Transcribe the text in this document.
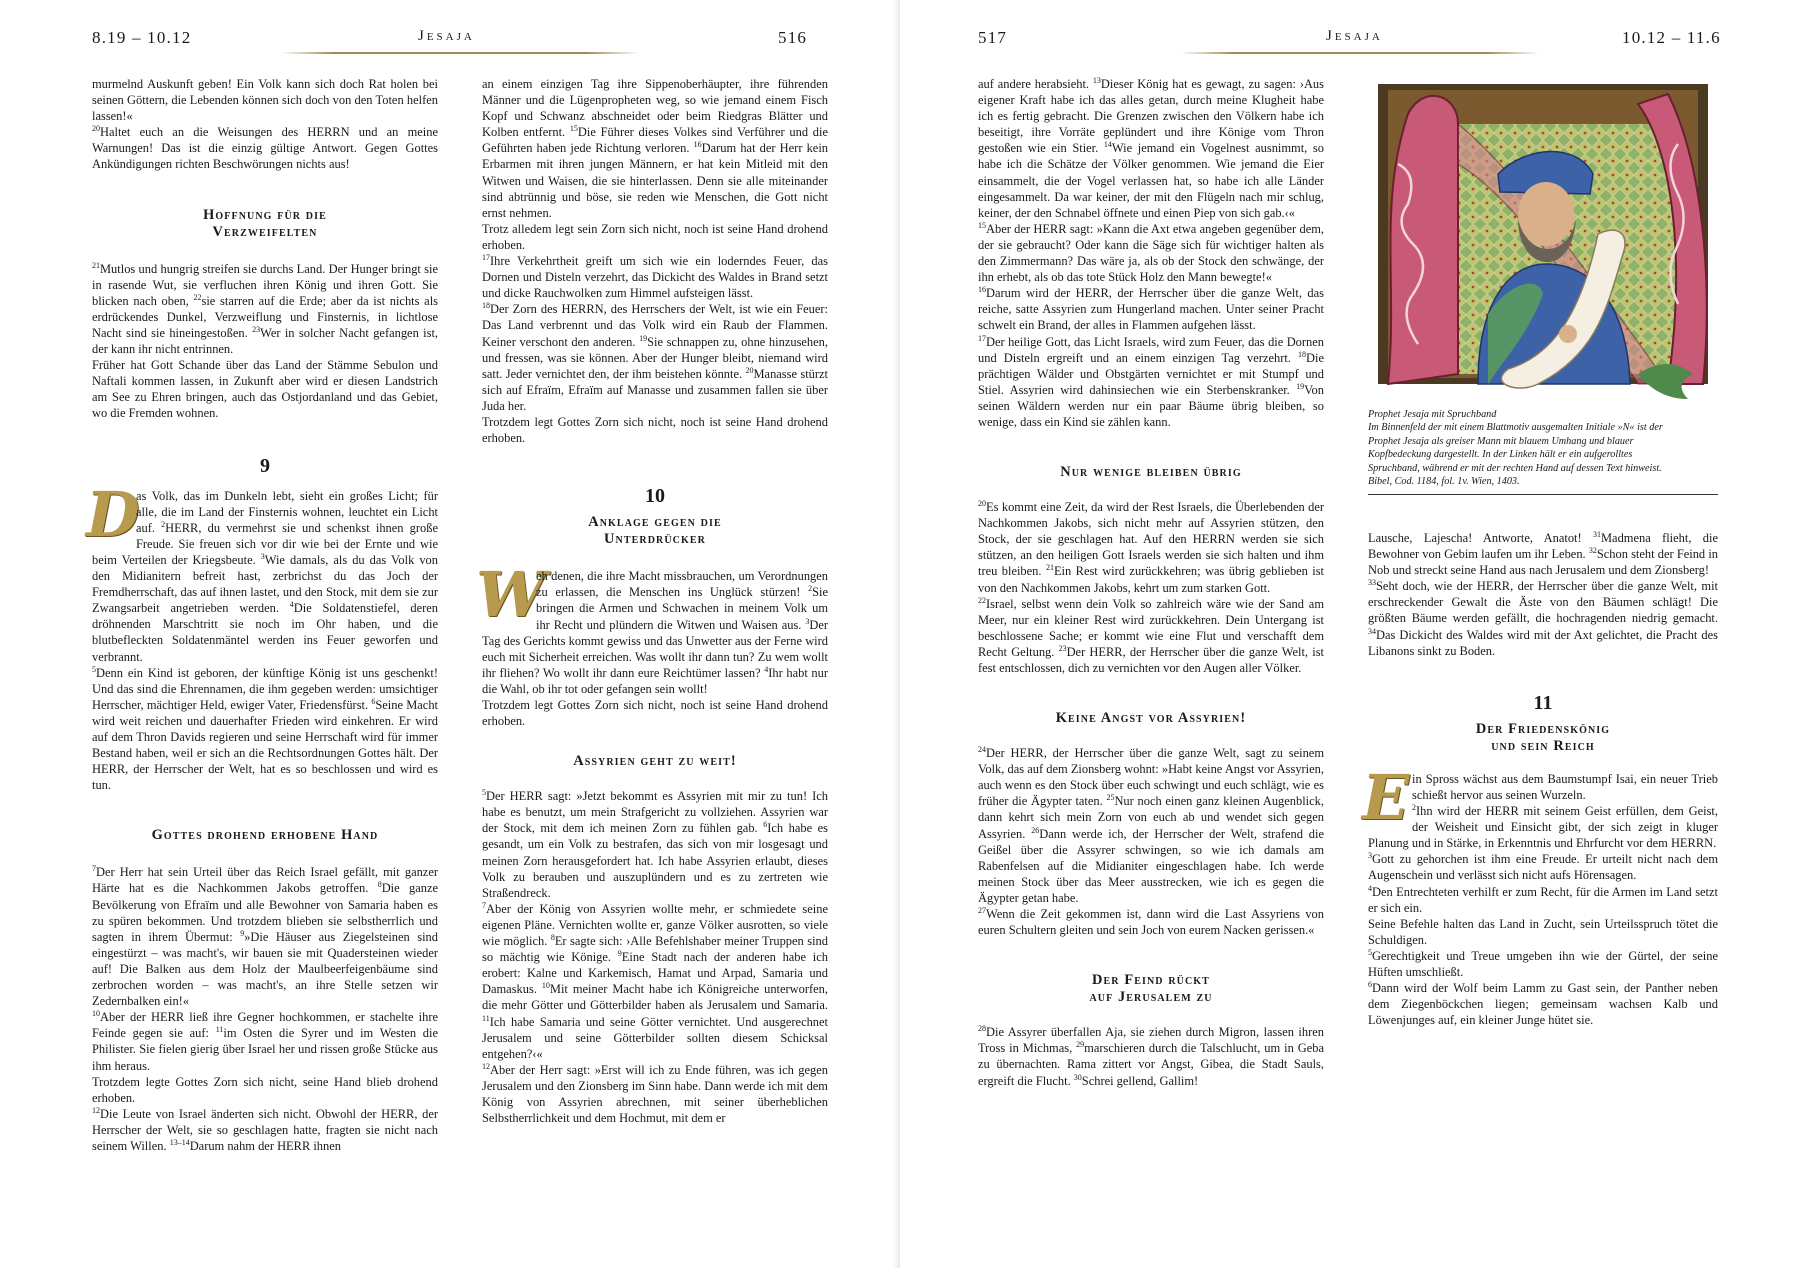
8.19 – 10.12	Jesaja	516

murmelnd Auskunft geben! Ein Volk kann sich doch Rat holen bei seinen Göttern, die Lebenden können sich doch von den Toten helfen lassen!«

$^{20}$Haltet euch an die Weisungen des HERRN und an meine Warnungen! Das ist die einzig gültige Antwort. Gegen Gottes Ankündigungen richten Beschwörungen nichts aus!

Hoffnung für die
Verzweifelten

$^{21}$Mutlos und hungrig streifen sie durchs Land. Der Hunger bringt sie in rasende Wut, sie verfluchen ihren König und ihren Gott. Sie blicken nach oben, $^{22}$sie starren auf die Erde; aber da ist nichts als erdrückendes Dunkel, Verzweiflung und Finsternis, in lichtlose Nacht sind sie hineingestoßen. $^{23}$Wer in solcher Nacht gefangen ist, der kann ihr nicht entrinnen.

Früher hat Gott Schande über das Land der Stämme Sebulon und Naftali kommen lassen, in Zukunft aber wird er diesen Landstrich am See zu Ehren bringen, auch das Ostjordanland und das Gebiet, wo die Fremden wohnen.

9

D
as Volk, das im Dunkeln lebt, sieht ein großes Licht; für alle, die im Land der Finsternis wohnen, leuchtet ein Licht auf. $^2$HERR, du vermehrst sie und schenkst ihnen große Freude. Sie freuen sich vor dir wie bei der Ernte und wie beim Verteilen der Kriegsbeute. $^3$Wie damals, als du das Volk von den Midianitern befreit hast, zerbrichst du das Joch der Fremdherrschaft, das auf ihnen lastet, und den Stock, mit dem sie zur Zwangsarbeit angetrieben werden. $^4$Die Soldatenstiefel, deren dröhnenden Marschtritt sie noch im Ohr haben, und die blutbefleckten Soldatenmäntel werden ins Feuer geworfen und verbrannt.

$^5$Denn ein Kind ist geboren, der künftige König ist uns geschenkt! Und das sind die Ehrennamen, die ihm gegeben werden: umsichtiger Herrscher, mächtiger Held, ewiger Vater, Friedensfürst. $^6$Seine Macht wird weit reichen und dauerhafter Frieden wird einkehren. Er wird auf dem Thron Davids regieren und seine Herrschaft wird für immer Bestand haben, weil er sich an die Rechtsordnungen Gottes hält. Der HERR, der Herrscher der Welt, hat es so beschlossen und wird es tun.

Gottes drohend erhobene Hand

$^7$Der Herr hat sein Urteil über das Reich Israel gefällt, mit ganzer Härte hat es die Nachkommen Jakobs getroffen. $^8$Die ganze Bevölkerung von Efraïm und alle Bewohner von Samaria haben es zu spüren bekommen. Und trotzdem blieben sie selbstherrlich und sagten in ihrem Übermut: $^9$»Die Häuser aus Ziegelsteinen sind eingestürzt – was macht's, wir bauen sie mit Quadersteinen wieder auf! Die Balken aus dem Holz der Maulbeerfeigenbäume sind zerbrochen worden – was macht's, an ihre Stelle setzen wir Zedernbalken ein!«

$^{10}$Aber der HERR ließ ihre Gegner hochkommen, er stachelte ihre Feinde gegen sie auf: $^{11}$im Osten die Syrer und im Westen die Philister. Sie fielen gierig über Israel her und rissen große Stücke aus ihm heraus.

Trotzdem legte Gottes Zorn sich nicht, seine Hand blieb drohend erhoben.

$^{12}$Die Leute von Israel änderten sich nicht. Obwohl der HERR, der Herrscher der Welt, sie so geschlagen hatte, fragten sie nicht nach seinem Willen. $^{13-14}$Darum nahm der HERR ihnen

an einem einzigen Tag ihre Sippenoberhäupter, ihre führenden Männer und die Lügenpropheten weg, so wie jemand einem Fisch Kopf und Schwanz abschneidet oder beim Riedgras Blätter und Kolben entfernt. $^{15}$Die Führer dieses Volkes sind Verführer und die Geführten haben jede Richtung verloren. $^{16}$Darum hat der Herr kein Erbarmen mit ihren jungen Männern, er hat kein Mitleid mit den Witwen und Waisen, die sie hinterlassen. Denn sie alle miteinander sind abtrünnig und böse, sie reden wie Menschen, die Gott nicht ernst nehmen.

Trotz alledem legt sein Zorn sich nicht, noch ist seine Hand drohend erhoben.

$^{17}$Ihre Verkehrtheit greift um sich wie ein loderndes Feuer, das Dornen und Disteln verzehrt, das Dickicht des Waldes in Brand setzt und dicke Rauchwolken zum Himmel aufsteigen lässt.

$^{18}$Der Zorn des HERRN, des Herrschers der Welt, ist wie ein Feuer: Das Land verbrennt und das Volk wird ein Raub der Flammen. Keiner verschont den anderen. $^{19}$Sie schnappen zu, ohne hinzusehen, und fressen, was sie können. Aber der Hunger bleibt, niemand wird satt. Jeder vernichtet den, der ihm beistehen könnte. $^{20}$Manasse stürzt sich auf Efraïm, Efraïm auf Manasse und zusammen fallen sie über Juda her.

Trotzdem legt Gottes Zorn sich nicht, noch ist seine Hand drohend erhoben.

10

Anklage gegen die
Unterdrücker

W
eh denen, die ihre Macht missbrauchen, um Verordnungen zu erlassen, die Menschen ins Unglück stürzen! $^2$Sie bringen die Armen und Schwachen in meinem Volk um ihr Recht und plündern die Witwen und Waisen aus. $^3$Der Tag des Gerichts kommt gewiss und das Unwetter aus der Ferne wird euch mit Sicherheit erreichen. Was wollt ihr dann tun? Zu wem wollt ihr fliehen? Wo wollt ihr dann eure Reichtümer lassen? $^4$Ihr habt nur die Wahl, ob ihr tot oder gefangen sein wollt!

Trotzdem legt Gottes Zorn sich nicht, noch ist seine Hand drohend erhoben.

Assyrien geht zu weit!

$^5$Der HERR sagt: »Jetzt bekommt es Assyrien mit mir zu tun! Ich habe es benutzt, um mein Strafgericht zu vollziehen. Assyrien war der Stock, mit dem ich meinen Zorn zu fühlen gab. $^6$Ich habe es gesandt, um ein Volk zu bestrafen, das sich von mir losgesagt und meinen Zorn herausgefordert hat. Ich habe Assyrien erlaubt, dieses Volk zu berauben und auszuplündern und es zu zertreten wie Straßendreck.

$^7$Aber der König von Assyrien wollte mehr, er schmiedete seine eigenen Pläne. Vernichten wollte er, ganze Völker ausrotten, so viele wie möglich. $^8$Er sagte sich: ›Alle Befehlshaber meiner Truppen sind so mächtig wie Könige. $^9$Eine Stadt nach der anderen habe ich erobert: Kalne und Karkemisch, Hamat und Arpad, Samaria und Damaskus. $^{10}$Mit meiner Macht habe ich Königreiche unterworfen, die mehr Götter und Götterbilder haben als Jerusalem und Samaria. $^{11}$Ich habe Samaria und seine Götter vernichtet. Und ausgerechnet Jerusalem und seine Götterbilder sollten diesem Schicksal entgehen?‹«

$^{12}$Aber der Herr sagt: »Erst will ich zu Ende führen, was ich gegen Jerusalem und den Zionsberg im Sinn habe. Dann werde ich mit dem König von Assyrien abrechnen, mit seiner überheblichen Selbstherrlichkeit und dem Hochmut, mit dem er

517	Jesaja	10.12 – 11.6

auf andere herabsieht. $^{13}$Dieser König hat es gewagt, zu sagen: ›Aus eigener Kraft habe ich das alles getan, durch meine Klugheit habe ich es fertig gebracht. Die Grenzen zwischen den Völkern habe ich beseitigt, ihre Vorräte geplündert und ihre Könige vom Thron gestoßen wie ein Stier. $^{14}$Wie jemand ein Vogelnest ausnimmt, so habe ich die Schätze der Völker genommen. Wie jemand die Eier einsammelt, die der Vogel verlassen hat, so habe ich alle Länder eingesammelt. Da war keiner, der mit den Flügeln nach mir schlug, keiner, der den Schnabel öffnete und einen Piep von sich gab.‹«

$^{15}$Aber der HERR sagt: »Kann die Axt etwa angeben gegenüber dem, der sie gebraucht? Oder kann die Säge sich für wichtiger halten als den Zimmermann? Das wäre ja, als ob der Stock den schwänge, der ihn erhebt, als ob das tote Stück Holz den Mann bewegte!«

$^{16}$Darum wird der HERR, der Herrscher über die ganze Welt, das reiche, satte Assyrien zum Hungerland machen. Unter seiner Pracht schwelt ein Brand, der alles in Flammen aufgehen lässt.

$^{17}$Der heilige Gott, das Licht Israels, wird zum Feuer, das die Dornen und Disteln ergreift und an einem einzigen Tag verzehrt. $^{18}$Die prächtigen Wälder und Obstgärten vernichtet er mit Stumpf und Stiel. Assyrien wird dahinsiechen wie ein Sterbenskranker. $^{19}$Von seinen Wäldern werden nur ein paar Bäume übrig bleiben, so wenige, dass ein Kind sie zählen kann.

Nur wenige bleiben übrig

$^{20}$Es kommt eine Zeit, da wird der Rest Israels, die Überlebenden der Nachkommen Jakobs, sich nicht mehr auf Assyrien stützen, den Stock, der sie geschlagen hat. Auf den HERRN werden sie sich stützen, an den heiligen Gott Israels werden sie sich halten und ihm treu bleiben. $^{21}$Ein Rest wird zurückkehren; was übrig geblieben ist von den Nachkommen Jakobs, kehrt um zum starken Gott.

$^{22}$Israel, selbst wenn dein Volk so zahlreich wäre wie der Sand am Meer, nur ein kleiner Rest wird zurückkehren. Dein Untergang ist beschlossene Sache; er kommt wie eine Flut und verschafft dem Recht Geltung. $^{23}$Der HERR, der Herrscher über die ganze Welt, ist fest entschlossen, dich zu vernichten vor den Augen aller Völker.

Keine Angst vor Assyrien!

$^{24}$Der HERR, der Herrscher über die ganze Welt, sagt zu seinem Volk, das auf dem Zionsberg wohnt: »Habt keine Angst vor Assyrien, auch wenn es den Stock über euch schwingt und euch schlägt, wie es früher die Ägypter taten. $^{25}$Nur noch einen ganz kleinen Augenblick, dann kehrt sich mein Zorn von euch ab und wendet sich gegen Assyrien. $^{26}$Dann werde ich, der Herrscher der Welt, strafend die Geißel über die Assyrer schwingen, so wie ich damals am Rabenfelsen auf die Midianiter eingeschlagen habe. Ich werde meinen Stock über das Meer ausstrecken, wie ich es gegen die Ägypter getan habe.

$^{27}$Wenn die Zeit gekommen ist, dann wird die Last Assyriens von euren Schultern gleiten und sein Joch von eurem Nacken gerissen.«

Der Feind rückt
auf Jerusalem zu

$^{28}$Die Assyrer überfallen Aja, sie ziehen durch Migron, lassen ihren Tross in Michmas, $^{29}$marschieren durch die Talschlucht, um in Geba zu übernachten. Rama zittert vor Angst, Gibea, die Stadt Sauls, ergreift die Flucht. $^{30}$Schrei gellend, Gallim!

Prophet Jesaja mit Spruchband
Im Binnenfeld der mit einem Blattmotiv ausgemalten Initiale »N« ist der
Prophet Jesaja als greiser Mann mit blauem Umhang und blauer
Kopfbedeckung dargestellt. In der Linken hält er ein aufgerolltes
Spruchband, während er mit der rechten Hand auf dessen Text hinweist.
Bibel, Cod. 1184, fol. 1v. Wien, 1403.

Lausche, Lajescha! Antworte, Anatot! $^{31}$Madmena flieht, die Bewohner von Gebim laufen um ihr Leben. $^{32}$Schon steht der Feind in Nob und streckt seine Hand aus nach Jerusalem und dem Zionsberg!

$^{33}$Seht doch, wie der HERR, der Herrscher über die ganze Welt, mit erschreckender Gewalt die Äste von den Bäumen schlägt! Die größten Bäume werden gefällt, die hochragenden niedrig gemacht. $^{34}$Das Dickicht des Waldes wird mit der Axt gelichtet, die Pracht des Libanons sinkt zu Boden.

11

Der Friedenskönig
und sein Reich

Ein Spross wächst aus dem Baumstumpf Isai, ein neuer Trieb schießt hervor aus seinen Wurzeln.
$^2$Ihn wird der HERR mit seinem Geist erfüllen, dem Geist, der Weisheit und Einsicht gibt, der sich zeigt in kluger Planung und in Stärke, in Erkenntnis und Ehrfurcht vor dem HERRN.

$^3$Gott zu gehorchen ist ihm eine Freude. Er urteilt nicht nach dem Augenschein und verlässt sich nicht aufs Hörensagen.

$^4$Den Entrechteten verhilft er zum Recht, für die Armen im Land setzt er sich ein.

Seine Befehle halten das Land in Zucht, sein Urteilsspruch tötet die Schuldigen.

$^5$Gerechtigkeit und Treue umgeben ihn wie der Gürtel, der seine Hüften umschließt.

$^6$Dann wird der Wolf beim Lamm zu Gast sein, der Panther neben dem Ziegenböckchen liegen; gemeinsam wachsen Kalb und Löwenjunges auf, ein kleiner Junge hütet sie.
